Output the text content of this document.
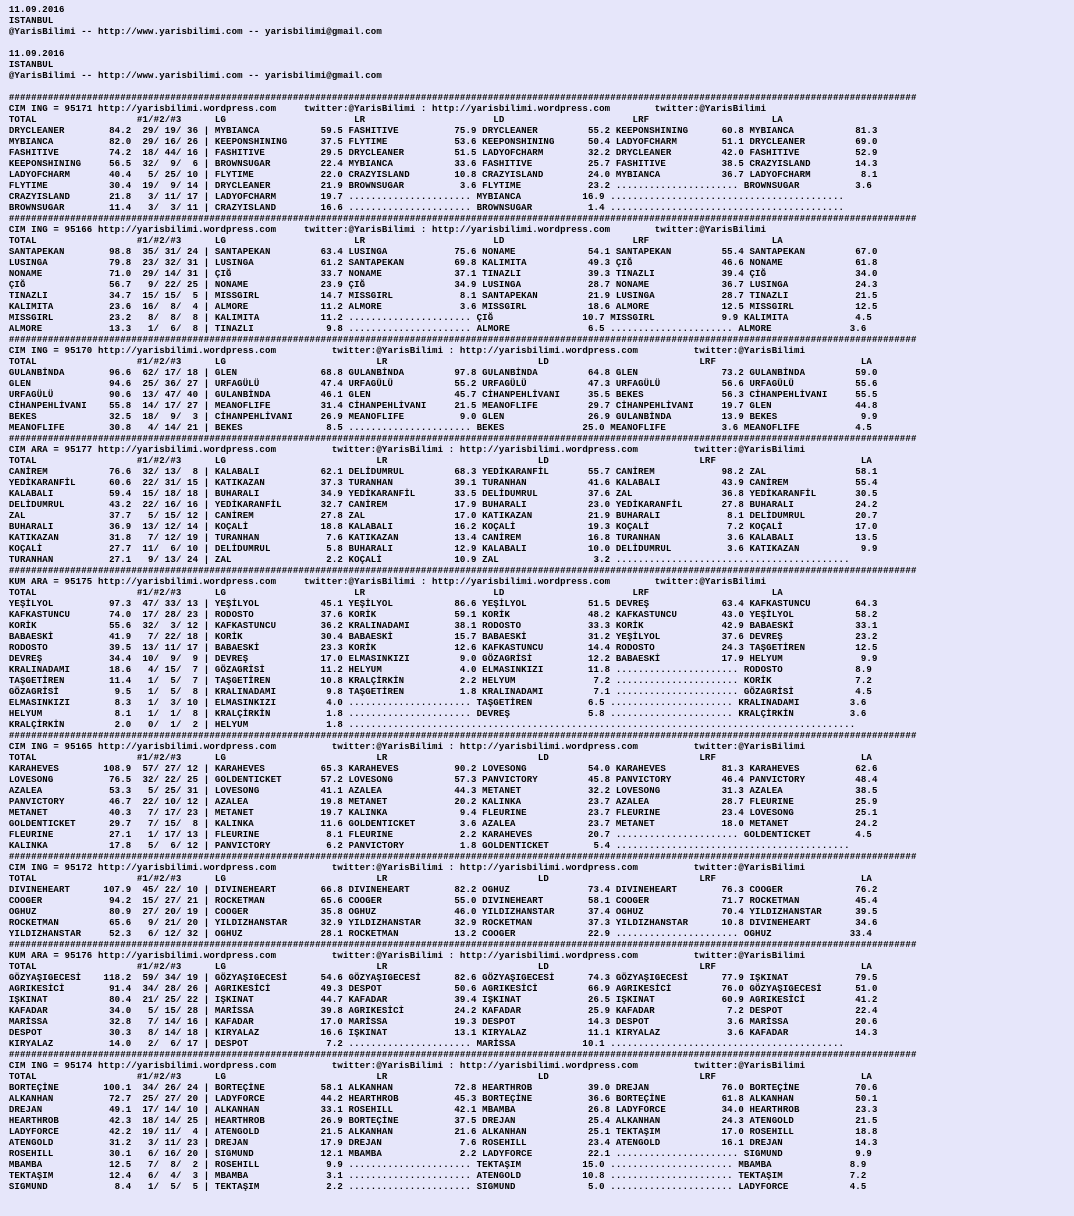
11.09.2016
ISTANBUL
@YarisBilimi -- http://www.yarisbilimi.com -- yarisbilimi@gmail.com
11.09.2016
ISTANBUL
@YarisBilimi -- http://www.yarisbilimi.com -- yarisbilimi@gmail.com
###################################################################################################################################################################
CIM ING = 95171 http://yarisbilimi.wordpress.com     twitter:@YarisBilimi : http://yarisbilimi.wordpress.com        twitter:@YarisBilimi
TOTAL                  #1/#2/#3      LG                       LR                       LD                       LRF                      LA
DRYCLEANER        84.2  29/ 19/ 36 | MYBIANCA           59.5 FASHITIVE          75.9 DRYCLEANER         55.2 KEEPONSHINING      60.8 MYBIANCA           81.3
MYBIANCA          82.0  29/ 16/ 26 | KEEPONSHINING      37.5 FLYTIME            53.6 KEEPONSHINING      50.4 LADYOFCHARM        51.1 DRYCLEANER         69.0
FASHITIVE         74.2  18/ 44/ 16 | FASHITIVE          29.5 DRYCLEANER         51.5 LADYOFCHARM        32.2 DRYCLEANER         42.0 FASHITIVE          52.9
KEEPONSHINING     56.5  32/  9/  6 | BROWNSUGAR         22.4 MYBIANCA           33.6 FASHITIVE          25.7 FASHITIVE          38.5 CRAZYISLAND        14.3
LADYOFCHARM       40.4   5/ 25/ 10 | FLYTIME            22.0 CRAZYISLAND        10.8 CRAZYISLAND        24.0 MYBIANCA           36.7 LADYOFCHARM         8.1
FLYTIME           30.4  19/  9/ 14 | DRYCLEANER         21.9 BROWNSUGAR          3.6 FLYTIME            23.2 ...................... BROWNSUGAR          3.6
CRAZYISLAND       21.8   3/ 11/ 17 | LADYOFCHARM        19.7 ...................... MYBIANCA           16.9 ..........................................
BROWNSUGAR        11.4   3/  3/ 11 | CRAZYISLAND        16.6 ...................... BROWNSUGAR          1.4 ..........................................
###################################################################################################################################################################
CIM ING = 95166 http://yarisbilimi.wordpress.com     twitter:@YarisBilimi : http://yarisbilimi.wordpress.com        twitter:@YarisBilimi
TOTAL                  #1/#2/#3      LG                       LR                       LD                       LRF                      LA
SANTAPEKAN        98.8  35/ 31/ 24 | SANTAPEKAN         63.4 LUSINGA            75.6 NONAME             54.1 SANTAPEKAN         55.4 SANTAPEKAN         67.0
LUSINGA           79.8  23/ 32/ 31 | LUSINGA            61.2 SANTAPEKAN         69.8 KALIMITA           49.3 ÇIĞ                46.6 NONAME             61.8
NONAME            71.0  29/ 14/ 31 | ÇIĞ                33.7 NONAME             37.1 TINAZLI            39.3 TINAZLI            39.4 ÇIĞ                34.0
ÇIĞ               56.7   9/ 22/ 25 | NONAME             23.9 ÇIĞ                34.9 LUSINGA            28.7 NONAME             36.7 LUSINGA            24.3
TINAZLI           34.7  15/ 15/  5 | MISSGIRL           14.7 MISSGIRL            8.1 SANTAPEKAN         21.9 LUSINGA            28.7 TINAZLI            21.5
KALIMITA          23.6  16/  8/  4 | ALMORE             11.2 ALMORE              3.6 MISSGIRL           18.6 ALMORE             12.5 MISSGIRL           12.5
MISSGIRL          23.2   8/  8/  8 | KALIMITA           11.2 ...................... ÇIĞ                10.7 MISSGIRL            9.9 KALIMITA            4.5
ALMORE            13.3   1/  6/  8 | TINAZLI             9.8 ...................... ALMORE              6.5 ...................... ALMORE              3.6
###################################################################################################################################################################
CIM ING = 95170 http://yarisbilimi.wordpress.com          twitter:@YarisBilimi : http://yarisbilimi.wordpress.com          twitter:@YarisBilimi
TOTAL                  #1/#2/#3      LG                           LR                           LD                           LRF                          LA
GULANBİNDA        96.6  62/ 17/ 18 | GLEN               68.8 GULANBİNDA         97.8 GULANBİNDA         64.8 GLEN               73.2 GULANBİNDA         59.0
GLEN              94.6  25/ 36/ 27 | URFAGÜLÜ           47.4 URFAGÜLÜ           55.2 URFAGÜLÜ           47.3 URFAGÜLÜ           56.6 URFAGÜLÜ           55.6
URFAGÜLÜ          90.6  13/ 47/ 40 | GULANBİNDA         46.1 GLEN               45.7 CİHANPEHLİVANI     35.5 BEKES              56.3 CİHANPEHLİVANI     55.5
CİHANPEHLİVANI    55.8  14/ 17/ 27 | MEANOFLIFE         31.4 CİHANPEHLİVANI     21.5 MEANOFLIFE         29.7 CİHANPEHLİVANI     19.7 GLEN               44.8
BEKES             32.5  18/  9/  3 | CİHANPEHLİVANI     26.9 MEANOFLIFE          9.0 GLEN               26.9 GULANBİNDA         13.9 BEKES               9.9
MEANOFLIFE        30.8   4/ 14/ 21 | BEKES               8.5 ...................... BEKES              25.0 MEANOFLIFE          3.6 MEANOFLIFE          4.5
###################################################################################################################################################################
CIM ARA = 95177 http://yarisbilimi.wordpress.com          twitter:@YarisBilimi : http://yarisbilimi.wordpress.com          twitter:@YarisBilimi
TOTAL                  #1/#2/#3      LG                           LR                           LD                           LRF                          LA
CANİREM           76.6  32/ 13/  8 | KALABALI           62.1 DELİDUMRUL         68.3 YEDİKARANFİL       55.7 CANİREM            98.2 ZAL                58.1
YEDİKARANFİL      60.6  22/ 31/ 15 | KATIKAZAN          37.3 TURANHAN           39.1 TURANHAN           41.6 KALABALI           43.9 CANİREM            55.4
KALABALI          59.4  15/ 18/ 18 | BUHARALI           34.9 YEDİKARANFİL       33.5 DELİDUMRUL         37.6 ZAL                36.8 YEDİKARANFİL       30.5
DELİDUMRUL        43.2  22/ 16/ 16 | YEDİKARANFİL       32.7 CANİREM            17.9 BUHARALI           23.0 YEDİKARANFİL       27.8 BUHARALI           24.2
ZAL               37.7   5/ 15/ 12 | CANİREM            27.8 ZAL                17.0 KATIKAZAN          21.9 BUHARALI            8.1 DELİDUMRUL         20.7
BUHARALI          36.9  13/ 12/ 14 | KOÇALİ             18.8 KALABALI           16.2 KOÇALİ             19.3 KOÇALİ              7.2 KOÇALİ             17.0
KATIKAZAN         31.8   7/ 12/ 19 | TURANHAN            7.6 KATIKAZAN          13.4 CANİREM            16.8 TURANHAN            3.6 KALABALI           13.5
KOÇALİ            27.7  11/  6/ 10 | DELİDUMRUL          5.8 BUHARALI           12.9 KALABALI           10.0 DELİDUMRUL          3.6 KATIKAZAN           9.9
TURANHAN          27.1   9/ 13/ 24 | ZAL                 2.2 KOÇALİ             10.9 ZAL                 3.2 ..........................................
###################################################################################################################################################################
KUM ARA = 95175 http://yarisbilimi.wordpress.com     twitter:@YarisBilimi : http://yarisbilimi.wordpress.com        twitter:@YarisBilimi
TOTAL                  #1/#2/#3      LG                       LR                       LD                       LRF                      LA
YEŞİLYOL          97.3  47/ 33/ 13 | YEŞİLYOL           45.1 YEŞİLYOL           86.6 YEŞİLYOL           51.5 DEVREŞ             63.4 KAFKASTUNCU        64.3
KAFKASTUNCU       74.0  17/ 28/ 23 | RODOSTO            37.6 KORİK              59.1 KORİK              48.2 KAFKASTUNCU        43.0 YEŞİLYOL           58.2
KORİK             55.6  32/  3/ 12 | KAFKASTUNCU        36.2 KRALINADAMI        38.1 RODOSTO            33.3 KORİK              42.9 BABAESKİ           33.1
BABAESKİ          41.9   7/ 22/ 18 | KORİK              30.4 BABAESKİ           15.7 BABAESKİ           31.2 YEŞİLYOL           37.6 DEVREŞ             23.2
RODOSTO           39.5  13/ 11/ 17 | BABAESKİ           23.3 KORİK              12.6 KAFKASTUNCU        14.4 RODOSTO            24.3 TAŞGETİREN         12.5
DEVREŞ            34.4  10/  9/  9 | DEVREŞ             17.0 ELMASINKIZI         9.0 GÖZAGRİSİ          12.2 BABAESKİ           17.9 HELYUM              9.9
KRALINADAMI       18.6   4/ 15/  7 | GÖZAGRİSİ          11.2 HELYUM              4.0 ELMASINKIZI        11.8 ...................... RODOSTO             8.9
TAŞGETİREN        11.4   1/  5/  7 | TAŞGETİREN         10.8 KRALÇİRKİN          2.2 HELYUM              7.2 ...................... KORİK               7.2
GÖZAGRİSİ          9.5   1/  5/  8 | KRALINADAMI         9.8 TAŞGETİREN          1.8 KRALINADAMI         7.1 ...................... GÖZAGRİSİ           4.5
ELMASINKIZI        8.3   1/  3/ 10 | ELMASINKIZI         4.0 ...................... TAŞGETİREN          6.5 ...................... KRALINADAMI         3.6
HELYUM             8.1   1/  1/  8 | KRALÇİRKİN          1.8 ...................... DEVREŞ              5.8 ...................... KRALÇİRKİN          3.6
KRALÇİRKİN         2.0   0/  1/  2 | HELYUM              1.8 ...........................................................................................
###################################################################################################################################################################
CIM ING = 95165 http://yarisbilimi.wordpress.com          twitter:@YarisBilimi : http://yarisbilimi.wordpress.com          twitter:@YarisBilimi
TOTAL                  #1/#2/#3      LG                           LR                           LD                           LRF                          LA
KARAHEVES        108.9  57/ 27/ 12 | KARAHEVES          65.3 KARAHEVES          90.2 LOVESONG           54.0 KARAHEVES          81.3 KARAHEVES          62.6
LOVESONG          76.5  32/ 22/ 25 | GOLDENTICKET       57.2 LOVESONG           57.3 PANVICTORY         45.8 PANVICTORY         46.4 PANVICTORY         48.4
AZALEA            53.3   5/ 25/ 31 | LOVESONG           41.1 AZALEA             44.3 METANET            32.2 LOVESONG           31.3 AZALEA             38.5
PANVICTORY        46.7  22/ 10/ 12 | AZALEA             19.8 METANET            20.2 KALINKA            23.7 AZALEA             28.7 FLEURINE           25.9
METANET           40.3   7/ 17/ 23 | METANET            19.7 KALINKA             9.4 FLEURINE           23.7 FLEURINE           23.4 LOVESONG           25.1
GOLDENTICKET      29.7   7/ 15/  8 | KALINKA            11.6 GOLDENTICKET        3.6 AZALEA             23.7 METANET            18.0 METANET            24.2
FLEURINE          27.1   1/ 17/ 13 | FLEURINE            8.1 FLEURINE            2.2 KARAHEVES          20.7 ...................... GOLDENTICKET        4.5
KALINKA           17.8   5/  6/ 12 | PANVICTORY          6.2 PANVICTORY          1.8 GOLDENTICKET        5.4 ..........................................
###################################################################################################################################################################
CIM ING = 95172 http://yarisbilimi.wordpress.com          twitter:@YarisBilimi : http://yarisbilimi.wordpress.com          twitter:@YarisBilimi
TOTAL                  #1/#2/#3      LG                           LR                           LD                           LRF                          LA
DIVINEHEART      107.9  45/ 22/ 10 | DIVINEHEART        66.8 DIVINEHEART        82.2 OGHUZ              73.4 DIVINEHEART        76.3 COOGER             76.2
COOGER            94.2  15/ 27/ 21 | ROCKETMAN          65.6 COOGER             55.0 DIVINEHEART        58.1 COOGER             71.7 ROCKETMAN          45.4
OGHUZ             80.9  27/ 20/ 19 | COOGER             35.8 OGHUZ              46.0 YILDIZHANSTAR      37.4 OGHUZ              70.4 YILDIZHANSTAR      39.5
ROCKETMAN         65.6   9/ 21/ 20 | YILDIZHANSTAR      32.9 YILDIZHANSTAR      32.9 ROCKETMAN          37.3 YILDIZHANSTAR      10.8 DIVINEHEART        34.6
YILDIZHANSTAR     52.3   6/ 12/ 32 | OGHUZ              28.1 ROCKETMAN          13.2 COOGER             22.9 ...................... OGHUZ              33.4
###################################################################################################################################################################
KUM ARA = 95176 http://yarisbilimi.wordpress.com          twitter:@YarisBilimi : http://yarisbilimi.wordpress.com          twitter:@YarisBilimi
TOTAL                  #1/#2/#3      LG                           LR                           LD                           LRF                          LA
GÖZYAŞIGECESİ    118.2  59/ 34/ 19 | GÖZYAŞIGECESİ      54.6 GÖZYAŞIGECESİ      82.6 GÖZYAŞIGECESİ      74.3 GÖZYAŞIGECESİ      77.9 IŞKINAT            79.5
AGRIKESİCİ        91.4  34/ 28/ 26 | AGRIKESİCİ         49.3 DESPOT             50.6 AGRIKESİCİ         66.9 AGRIKESİCİ         76.0 GÖZYAŞIGECESİ      51.0
IŞKINAT           80.4  21/ 25/ 22 | IŞKINAT            44.7 KAFADAR            39.4 IŞKINAT            26.5 IŞKINAT            60.9 AGRIKESİCİ         41.2
KAFADAR           34.0   5/ 15/ 28 | MARİSSA            39.8 AGRIKESİCİ         24.2 KAFADAR            25.9 KAFADAR             7.2 DESPOT             22.4
MARİSSA           32.8   7/ 14/ 16 | KAFADAR            17.0 MARİSSA            19.3 DESPOT             14.3 DESPOT              3.6 MARİSSA            20.6
DESPOT            30.3   8/ 14/ 18 | KIRYALAZ           16.6 IŞKINAT            13.1 KIRYALAZ           11.1 KIRYALAZ            3.6 KAFADAR            14.3
KIRYALAZ          14.0   2/  6/ 17 | DESPOT              7.2 ...................... MARİSSA            10.1 ..........................................
###################################################################################################################################################################
CIM ING = 95174 http://yarisbilimi.wordpress.com          twitter:@YarisBilimi : http://yarisbilimi.wordpress.com          twitter:@YarisBilimi
TOTAL                  #1/#2/#3      LG                           LR                           LD                           LRF                          LA
BORTEÇİNE        100.1  34/ 26/ 24 | BORTEÇİNE          58.1 ALKANHAN           72.8 HEARTHROB          39.0 DREJAN             76.0 BORTEÇİNE          70.6
ALKANHAN          72.7  25/ 27/ 20 | LADYFORCE          44.2 HEARTHROB          45.3 BORTEÇİNE          36.6 BORTEÇİNE          61.8 ALKANHAN           50.1
DREJAN            49.1  17/ 14/ 10 | ALKANHAN           33.1 ROSEHILL           42.1 MBAMBA             26.8 LADYFORCE          34.0 HEARTHROB          23.3
HEARTHROB         42.3  18/ 14/ 25 | HEARTHROB          26.9 BORTEÇİNE          37.5 DREJAN             25.4 ALKANHAN           24.3 ATENGOLD           21.5
LADYFORCE         42.2  19/ 11/  4 | ATENGOLD           21.5 ALKANHAN           21.6 ALKANHAN           25.1 TEKTAŞIM           17.0 ROSEHILL           18.8
ATENGOLD          31.2   3/ 11/ 23 | DREJAN             17.9 DREJAN              7.6 ROSEHILL           23.4 ATENGOLD           16.1 DREJAN             14.3
ROSEHILL          30.1   6/ 16/ 20 | SIGMUND            12.1 MBAMBA              2.2 LADYFORCE          22.1 ...................... SIGMUND             9.9
MBAMBA            12.5   7/  8/  2 | ROSEHILL            9.9 ...................... TEKTAŞIM           15.0 ...................... MBAMBA              8.9
TEKTAŞIM          12.4   6/  4/  3 | MBAMBA              3.1 ...................... ATENGOLD           10.8 ...................... TEKTAŞIM            7.2
SIGMUND            8.4   1/  5/  5 | TEKTAŞIM            2.2 ...................... SIGMUND             5.0 ...................... LADYFORCE           4.5
